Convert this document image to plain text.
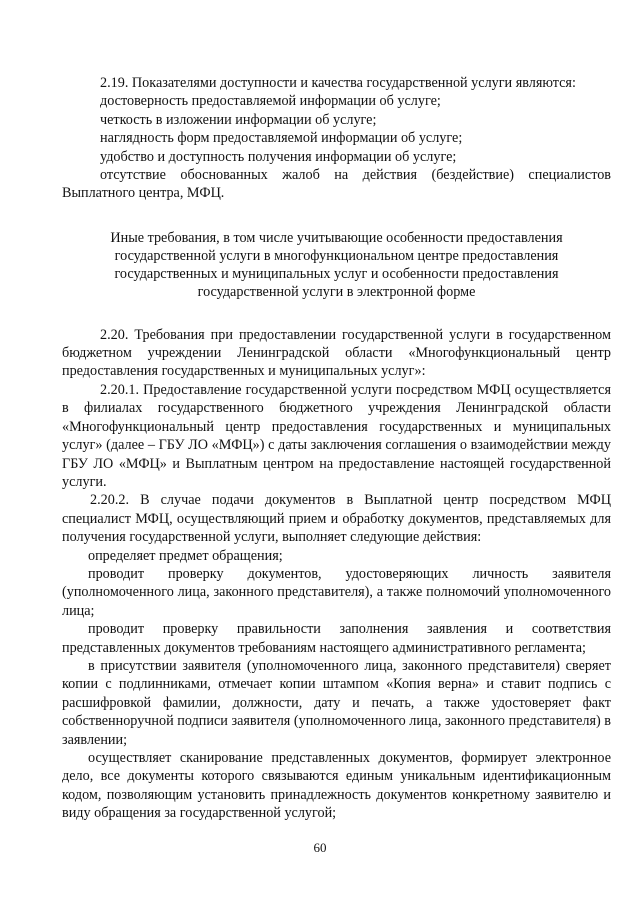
2.19. Показателями доступности и качества государственной услуги являются:

достоверность предоставляемой информации об услуге;

четкость в изложении информации об услуге;

наглядность форм предоставляемой информации об услуге;

удобство и доступность получения информации об услуге;

отсутствие обоснованных жалоб на действия (бездействие) специалистов Выплатного центра, МФЦ.

Иные требования, в том числе учитывающие особенности предоставления
государственной услуги в многофункциональном центре предоставления
государственных и муниципальных услуг и особенности предоставления
государственной услуги в электронной форме

2.20. Требования при предоставлении государственной услуги в государственном бюджетном учреждении Ленинградской области «Многофункциональный центр предоставления государственных и муниципальных услуг»:

2.20.1. Предоставление государственной услуги посредством МФЦ осуществляется в филиалах государственного бюджетного учреждения Ленинградской области «Многофункциональный центр предоставления государственных и муниципальных услуг» (далее – ГБУ ЛО «МФЦ») с даты заключения соглашения о взаимодействии между ГБУ ЛО «МФЦ» и Выплатным центром на предоставление настоящей государственной услуги.

2.20.2. В случае подачи документов в Выплатной центр посредством МФЦ специалист МФЦ, осуществляющий прием и обработку документов, представляемых для получения государственной услуги, выполняет следующие действия:

определяет предмет обращения;

проводит проверку документов, удостоверяющих личность заявителя (уполномоченного лица, законного представителя), а также полномочий уполномоченного лица;

проводит проверку правильности заполнения заявления и соответствия представленных документов требованиям настоящего административного регламента;

в присутствии заявителя (уполномоченного лица, законного представителя) сверяет копии с подлинниками, отмечает копии штампом «Копия верна» и ставит подпись с расшифровкой фамилии, должности, дату и печать, а также удостоверяет факт собственноручной подписи заявителя (уполномоченного лица, законного представителя) в заявлении;

осуществляет сканирование представленных документов, формирует электронное дело, все документы которого связываются единым уникальным идентификационным кодом, позволяющим установить принадлежность документов конкретному заявителю и виду обращения за государственной услугой;

60
